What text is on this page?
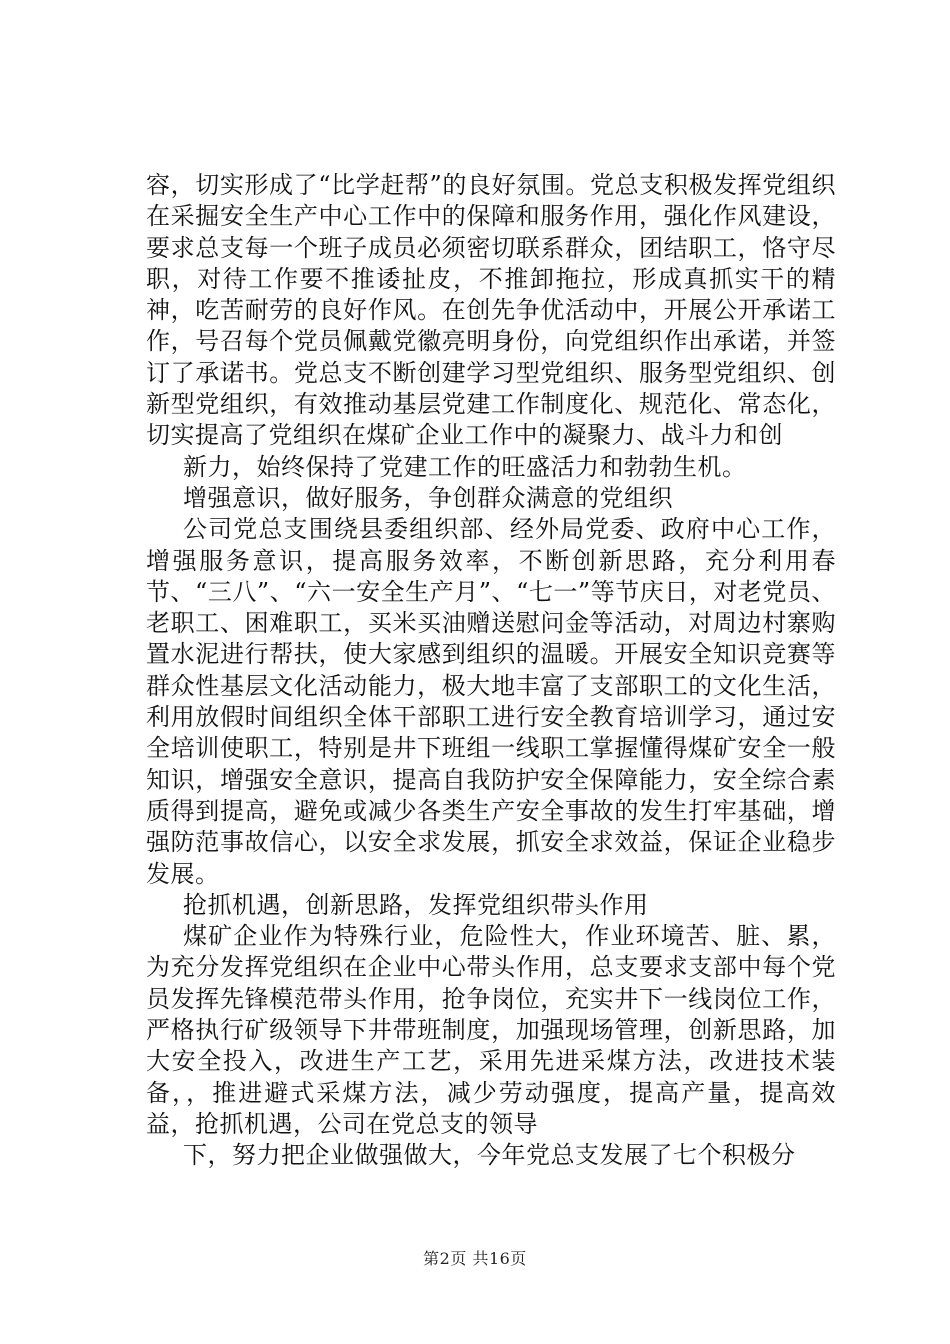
容，切实形成了“比学赶帮”的良好氛围。党总支积极发挥党组织在采掘安全生产中心工作中的保障和服务作用，强化作风建设，要求总支每一个班子成员必须密切联系群众，团结职工，恪守尽职，对待工作要不推诿扯皮，不推卸拖拉，形成真抓实干的精神，吃苦耐劳的良好作风。在创先争优活动中，开展公开承诺工作，号召每个党员佩戴党徽亮明身份，向党组织作出承诺，并签订了承诺书。党总支不断创建学习型党组织、服务型党组织、创新型党组织，有效推动基层党建工作制度化、规范化、常态化，切实提高了党组织在煤矿企业工作中的凝聚力、战斗力和创

新力，始终保持了党建工作的旺盛活力和勃勃生机。

增强意识，做好服务，争创群众满意的党组织

公司党总支围绕县委组织部、经外局党委、政府中心工作，增强服务意识，提高服务效率，不断创新思路，充分利用春节、“三八”、“六一安全生产月”、“七一”等节庆日，对老党员、老职工、困难职工，买米买油赠送慰问金等活动，对周边村寨购置水泥进行帮扶，使大家感到组织的温暖。开展安全知识竞赛等群众性基层文化活动能力，极大地丰富了支部职工的文化生活，利用放假时间组织全体干部职工进行安全教育培训学习，通过安全培训使职工，特别是井下班组一线职工掌握懂得煤矿安全一般知识，增强安全意识，提高自我防护安全保障能力，安全综合素质得到提高，避免或减少各类生产安全事故的发生打牢基础，增强防范事故信心，以安全求发展，抓安全求效益，保证企业稳步发展。

抢抓机遇，创新思路，发挥党组织带头作用

煤矿企业作为特殊行业，危险性大，作业环境苦、脏、累，为充分发挥党组织在企业中心带头作用，总支要求支部中每个党员发挥先锋模范带头作用，抢争岗位，充实井下一线岗位工作，严格执行矿级领导下井带班制度，加强现场管理，创新思路，加大安全投入，改进生产工艺，采用先进采煤方法，改进技术装备，，推进避式采煤方法，减少劳动强度，提高产量，提高效益，抢抓机遇，公司在党总支的领导

下，努力把企业做强做大，今年党总支发展了七个积极分

第2页 共16页
